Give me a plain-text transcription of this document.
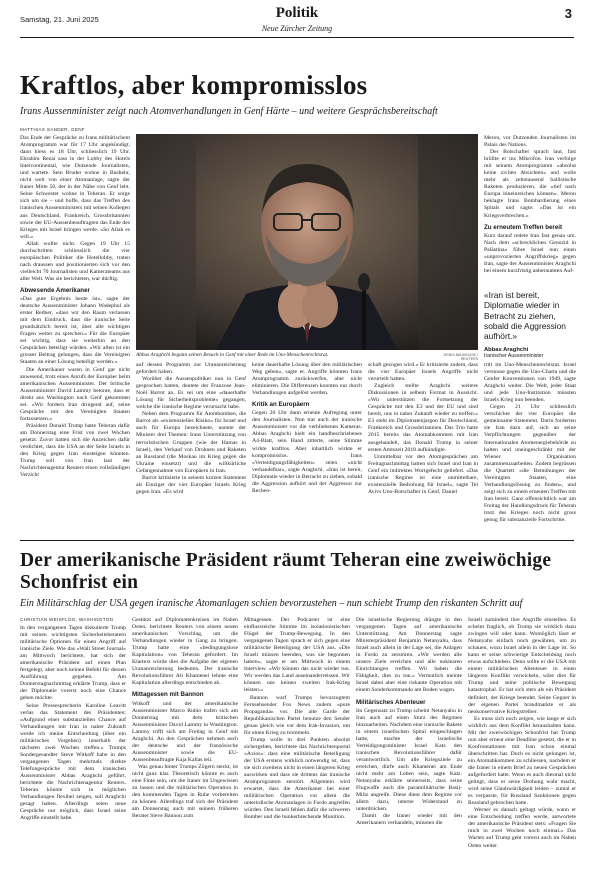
Samstag, 21. Juni 2025	Politik
Neue Zürcher Zeitung
3
Kraftlos, aber kompromisslos
Irans Aussenminister zeigt nach Atomverhandlungen in Genf Härte – und weitere Gesprächsbereitschaft
MATTHIAS SANDER, GENF

Das Ende der Gespräche zu Irans militärischem Atomprogramm war für 17 Uhr angekündigt, dann hiess es 18 Uhr, schliesslich 19 Uhr. Ebrahim Rezai sass in der Lobby des Hotels Intercontinental, wie Dutzende Journalisten, und wartete. Sein Bruder wohne in Bushehr, nicht weit von einer Atomanlage, sagte der Iraner Mitte 50, der in der Nähe von Genf lebt. Seine Schwester wohne in Teheran. Er sorge sich um sie – und hoffe, dass das Treffen des iranischen Aussenministers mit seinen Kollegen aus Deutschland, Frankreich, Grossbritannien sowie der EU-Aussenbeauftragten das Ende des Krieges mit Israel bringen werde. «So Allah es will.»

Allah wollte nicht. Gegen 19 Uhr 15 durchschritten schliesslich die vier europäischen Politiker die Hotellobby, traten nach draussen und positionierten sich vor den vielleicht 70 Journalisten und Kamerateams aus aller Welt. Was sie berichteten, war dürftig.

Abwesende Amerikaner

«Das gute Ergebnis heute ist», sagte der deutsche Aussenminister Johann Wadephul als erster Redner, «dass wir den Raum verlassen mit dem Eindruck, dass die iranische Seite grundsätzlich bereit ist, über alle wichtigen Fragen weiter zu sprechen.» Für die Europäer sei wichtig, dass sie weiterhin an den Gesprächen beteiligt würden. «Wir allen ist ein grosser Beitrag gelungen, dass die Vereinigten Staaten an einer Lösung beteiligt werden.»

Die Amerikaner waren in Genf gar nicht anwesend, trotz eines Anrufs der Europäer beim amerikanischen Aussenminister. Der britische Aussenminister David Lammy betonte, dass er direkt aus Washington nach Genf gekommen sei. «Wir fordern Iran dringend auf, seine Gespräche mit den Vereinigten Staaten fortzusetzen.»

Präsident Donald Trump hatte Teheran dafür am Donnerstag eine Frist von zwei Wochen gesetzt. Zuvor hatten sich die Anzeichen dafür verdichtet, dass die USA an der Seite Israels in den Krieg gegen Iran einsteigen könnten. Trump soll von Iran laut der Nachrichtenagentur Reuters einen vollständigen Verzicht

Abbas Araghchi begann seinen Besuch in Genf mit einer Rede im Uno-Menschenrechtsrat.	DENIS BALIBOUSE / REUTERS

auf dessen Programm zur Urananreicherung gefordert haben.

Worüber die Aussenpolitiker nun in Genf gesprochen hatten, deutete der Franzose Jean-Noël Barrot an. Es sei um eine «dauerhafte Lösung für Sicherheitsprobleme» gegangen, welche die iranische Regime verursacht habe.

Neben dem Programm für Atombomben, die Barrot als «existenzielles Risiko» für Israel und auch für Europa bezeichnete, nannte der Minister drei Themen: Irans Unterstützung von terroristischen Gruppen (wie der Hamas in Israel), den Verkauf von Drohnen und Raketen an Russland (die Moskau im Krieg gegen die Ukraine einsetzt) und die willkürliche Gefangennahme von Europäern in Iran.

Barrot kritisierte in seinem kurzen Statement als Einziger der vier Europäer Israels Krieg gegen Iran. «Es wird

keine dauerhafte Lösung über den militärischen Weg geben», sagte er. Angriffe könnten Irans Atomprogramm zurückwerfen, aber nicht eliminieren. Die Differenzen konnten nur durch Verhandlungen aufgelöst werden.

Kritik an Europäern

Gegen 20 Uhr dann erneute Aufregung unter den Journalisten. Nun trat auch der iranische Aussenminister vor die verbliebenen Kameras. Abbas Araghchi hielt ein handbeschriebenes A4-Blatt, sein Hand zitterte, seine Stimme wirkte kraftlos. Aber inhaltlich wirkte er kompromisslos. Irans «Verteidigungsfähigkeiten» seien «nicht verhandelbar», sagte Araghchi. «Iran ist bereit, Diplomatie wieder in Betracht zu ziehen, sobald die Aggression aufhört und der Aggressor zur Rechen-

schaft gezogen wird.» Er kritisierte zudem, dass die vier Europäer Israels Angriffe nicht verurteilt hatten.

Zugleich stellte Araghchi weitere Diskussionen in selbem Format in Aussicht. «Wir unterstützen die Fortsetzung der Gespräche mit den E3 und der EU und sind bereit, uns in naher Zukunft wieder zu treffen.» E3 steht im Diplomatenjargon für Deutschland, Frankreich und Grossbritannien. Das Trio hatte 2015 bereits das Atomabkommen mit Iran ausgehandelt, das Donald Trump in seiner ersten Amtszeit 2018 aufkündigte.

Unmittelbar vor den Atomgesprächen am Freitagnachmittag hatten sich Israel und Iran in Genf ein indirektes Wortgefecht geliefert. «Das iranische Regime ist eine unmittelbare, existenzielle Bedrohung für Israel», sagte Tel Avivs Uno-Botschafter in Genf, Daniel

Meron, vor Dutzenden Journalisten im Palais des Nations.

Der Botschafter sprach laut, fast brüllte er ins Mikrofon. Iran verfolge mit seinem Atomprogramm «absolut keine zivilen Absichten» und wolle mehr als zehntausend ballistische Raketen produzieren, die «tief nach Europa hineinreichen können». Meron beklagte Irans Bombardierung eines Spitals und sagte: «Das ist ein Kriegsverbrechen.»

Zu erneutem Treffen bereit

Kurz darauf redete Iran fast genau um. Nach dem «schrecklichen Genozid in Palästina» führe Israel nun einen «unprovozierten Angriffskrieg» gegen Iran, sagte der Aussenminister Araghchi bei einem kurzfristig anberaumten Auf-

«Iran ist bereit, Diplomatie wieder in Betracht zu ziehen, sobald die Aggression aufhört.»
Abbas Araghchi
Iranischer Aussenminister

tritt im Uno-Menschenrechtsrat. Israel verstosse gegen die Uno-Charta und die Genfer Konventionen von 1949, sagte Araghchi weiter. Die Welt, jeder Staat und jede Uno-Institution müssten Israels Krieg nun beenden.

Gegen 21 Uhr schliesslich verschickte der vier Europäer die gemeinsame Statement. Darin forderten sie Iran dazu auf, sich an seine Verpflichtungen gegenüber der Internationalen Atomenergiebehörde zu halten und uneingeschränkt mit der Wiener Organisation zusammenzuarbeiten. Zudem begrüssen die Quartett «die Bemühungen der Vereinigten Staaten, eine Verhandlungslösung zu finden», und zeigt sich zu einem erneuten Treffen mit Iran bereit. Ganz offensichtlich war am Freitag der Handlungsdruck für Teheran trotz des Krieges noch nicht gross genug für substanzielle Fortschritte.

Der amerikanische Präsident räumt Teheran eine zweiwöchige Schonfrist ein
Ein Militärschlag der USA gegen iranische Atomanlagen schien bevorzustehen – nun schiebt Trump den riskanten Schritt auf
CHRISTIAN WEISFLOG, WASHINGTON

In den vergangenen Tagen diskutierte Trump mit seinen wichtigsten Sicherheitsberatern militärische Optionen für einen Angriff auf iranische Ziele. Wie das «Wall Street Journal» am Mittwoch berichtete, hat sich der amerikanische Präsident auf einen Plan festgelegt, aber noch keinen Befehl für dessen Ausführung gegeben. Am Donnerstagnachmittag erklärte Trump, dass er der Diplomatie vorerst noch eine Chance geben möchte.

Seine Pressesprecherin Karoline Leavitt verlas das Statement des Präsidenten: «Aufgrund einer substanziellen Chance auf Verhandlungen mit Iran in naher Zukunft werde ich meine Entscheidung (über ein militärisches Vorgehen) innerhalb der nächsten zwei Wochen treffen.» Trumps Sondergesandter Steve Witkoff habe in den vergangenen Tagen mehrmals direkte Telefongespräche mit dem iranischen Aussenminister Abbas Araghchi geführt, berichtete die Nachrichtenagentur Reuters. Teheran könnte sich in möglichen Verhandlungen flexibel zeigen, soll Araghchi gesagt haben. Allerdings seien neue Gespräche nur möglich, dass Israel seine Angriffe einstellt habe.

Gestützt auf Diplomatenkreisen im Nahen Osten, berichtete Reuters von einem neuen amerikanischen Vorschlag, um die Verhandlungen wieder in Gang zu bringen. Trump hatte eine «bedingungslose Kapitulation» von Teheran gefordert. Im Klartext würde dies die Aufgabe der eigenen Urananreicherung bedeuten. Der iranische Revolutionsführer Ali Khamenei lehnte eine Kapitulation allerdings entschieden ab.

Mittagessen mit Bannon

Witkoff und der amerikanische Aussenminister Marco Rubio trafen sich am Donnerstag mit dem britischen Aussenminister David Lammy in Washington. Lammy trifft sich am Freitag in Genf mit Araghchi. An den Gesprächen nehmen auch der deutsche und der französische Aussenminister sowie die EU-Aussenbeauftragte Kaja Kallas teil.

Was genau hinter Trumps Zögern steckt, ist nicht ganz klar. Theoretisch könnte es auch eine Finte sein, um die Iraner im Ungewissen zu lassen und die militärischen Operation in den kommenden Tagen in Ruhe vorbereiten zu können. Allerdings traf sich der Präsident am Donnerstag auch mit seinem früheren Berater Steve Bannon zum

Mittagessen. Der Podcaster ist eine einflussreiche Stimme im isolationistischen Flügel der Trump-Bewegung. In den vergangenen Tagen sprach er sich gegen eine militärische Beteiligung der USA aus. «Die Israeli müssen beenden, was sie begonnen haben», sagte er am Mittwoch in einem Interview. «Wir können das nicht wieder tun. Wir werden das Land auseinanderreissen. Wir können uns keinen zweiten Irak-Krieg leisten.»

Bannon warf Trumps bevorzugtem Fernsehsender Fox News zudem «pure Propaganda» vor. Die alte Garde der Republikanischen Partei benutze den Sender genau gleich wie vor dem Irak-Invasion, um für einen Krieg zu trommeln.

Trump wolle in drei Punkten absolut sichergehen, berichtete das Nachrichtenportal «Axios»: dass eine militärische Beteiligung der USA erstens wirklich notwendig ist, dass sie sich zweitens nicht in einen längeren Krieg auswirken und dass sie drittens das iranische Atomprogramm zerstört. Allgemein wird erwartet, dass die Amerikaner bei einer militärischen Operation vor allem die unterirdische Atomanlagen in Fordo angreifen würden. Den Israeli fehlen dafür die schweren Bomber und die bunkerbrechende Munition.

Die israelische Regierung drängte in den vergangenen Tagen auf amerikanische Unterstützung. Am Donnerstag sagte Ministerpräsident Benjamin Netanyahu, dass Israel auch allein in der Lage sei, die Anlagen in Fordo zu zerstören. «Wir werden alle unsere Ziele erreichen und alle nuklearen Einrichtungen treffen. Wir haben die Fähigkeit, dies zu tun.» Vermutlich meinte Israel dabei aber eine riskante Operation mit einem Sonderkommando am Boden wagen.

Militärisches Abenteuer

Im Gegensatz zu Trump scheint Netanyahu in Iran auch auf einen Sturz des Regimes hinzuarbeiten. Nachdem eine iranische Rakete in einem israelischen Spital eingeschlagen hatte, machte der israelische Verteidigungsminister Israel Katz den iranischen Revolutionsführer dafür verantwortlich. Um alle Kriegsziele zu erreichen, dürfe auch Khamenei am Ende nicht mehr am Leben sein, sagte Katz. Netanyahu erklärte seinerseits, dass seine Flugwaffe auch die paramilitärische Basij-Miliz angreife. Diese dient dem Regime vor allem dazu, interne Widerstand zu unterdrücken.

Damit die Iraner wieder mit den Amerikanern verhandeln, müssten die

Israeli zumindest ihre Angriffe einstellen. Es scheint fraglich, ob Trump sie wirklich dazu zwingen will oder kann. Womöglich lässt er Netanyahu einfach noch gewähren, um zu schauen, wozu Israel allein in der Lage ist. So kann er seine schwierige Entscheidung noch etwas aufschieben. Denn sollte er die USA mit einem militärischen Abenteuer in einen längeren Konflikt verwickeln, wäre dies für Trump und seine politische Bewegung katastrophal. Er hat sich stets als ein Präsident definiert, der Kriege beendet. Seine Gegner in der eigenen Partei brandmarkte er als neokonservative Kriegstreiber.

Es muss sich noch zeigen, wie lange er sich wirklich aus dem Konflikt heraushalten kann. Mit der zweiwöchigen Schonfrist hat Trump nun aber erneut eine Deadline gesetzt, die er in Konfrontationen mit Iran schon einmal überschritten hat. Doch es nicht gelungen ist, ein Atomabkommen zu schliessen, nachdem er die Iraner in einem Brief zu neuen Gesprächen aufgefordert hatte. Wenn es auch diesmal nicht gelingt, dass er seine Drohung wahr macht, wird seine Glaubwürdigkeit leiden – zumal er es verpasste, für Russland Sanktionen gegen Russland gebrochen hatte.

Werner es danach geltagt würde, wann er eine Entscheidung treffen werde, antwortete der amerikanische Präsident stets: «Fragen Sie mich in zwei Wochen noch einmal.» Das Warten auf Trump geht vorerst auch im Nahen Osten weiter.
